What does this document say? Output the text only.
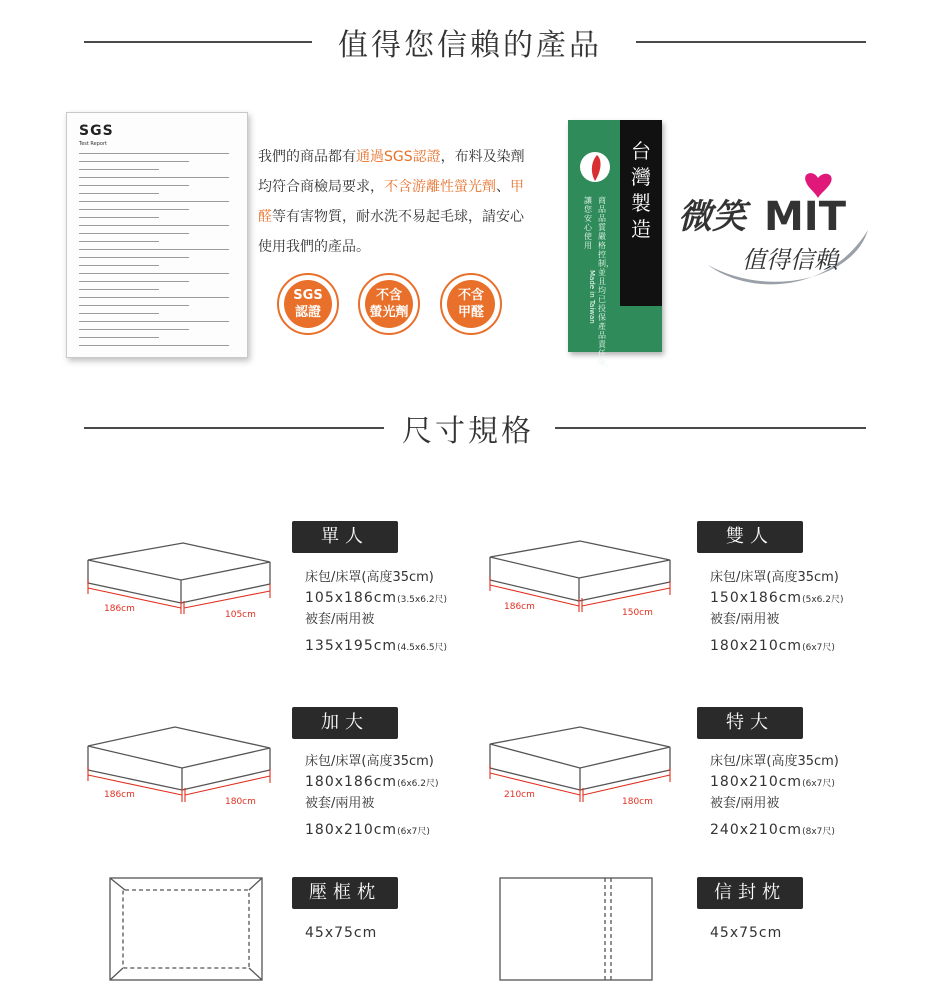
值得您信賴的產品
SGS
Test Report
我們的商品都有通過SGS認證，布料及染劑均符合商檢局要求，不含游離性螢光劑、甲醛等有害物質，耐水洗不易起毛球，請安心使用我們的產品。
SGS
認證
不含
螢光劑
不含
甲醛
台灣製造
Made in Taiwan
商品品質嚴格控制，並且均已投保產品責任險，
讓您安心使用
微笑 MIT
值得信賴
尺寸規格
186cm
105cm
186cm
150cm
186cm
180cm
210cm
180cm
單人
床包/床罩(高度35cm)
105x186cm(3.5x6.2尺)
被套/兩用被
135x195cm(4.5x6.5尺)
雙人
床包/床罩(高度35cm)
150x186cm(5x6.2尺)
被套/兩用被
180x210cm(6x7尺)
加大
床包/床罩(高度35cm)
180x186cm(6x6.2尺)
被套/兩用被
180x210cm(6x7尺)
特大
床包/床罩(高度35cm)
180x210cm(6x7尺)
被套/兩用被
240x210cm(8x7尺)
壓框枕
45x75cm
信封枕
45x75cm
